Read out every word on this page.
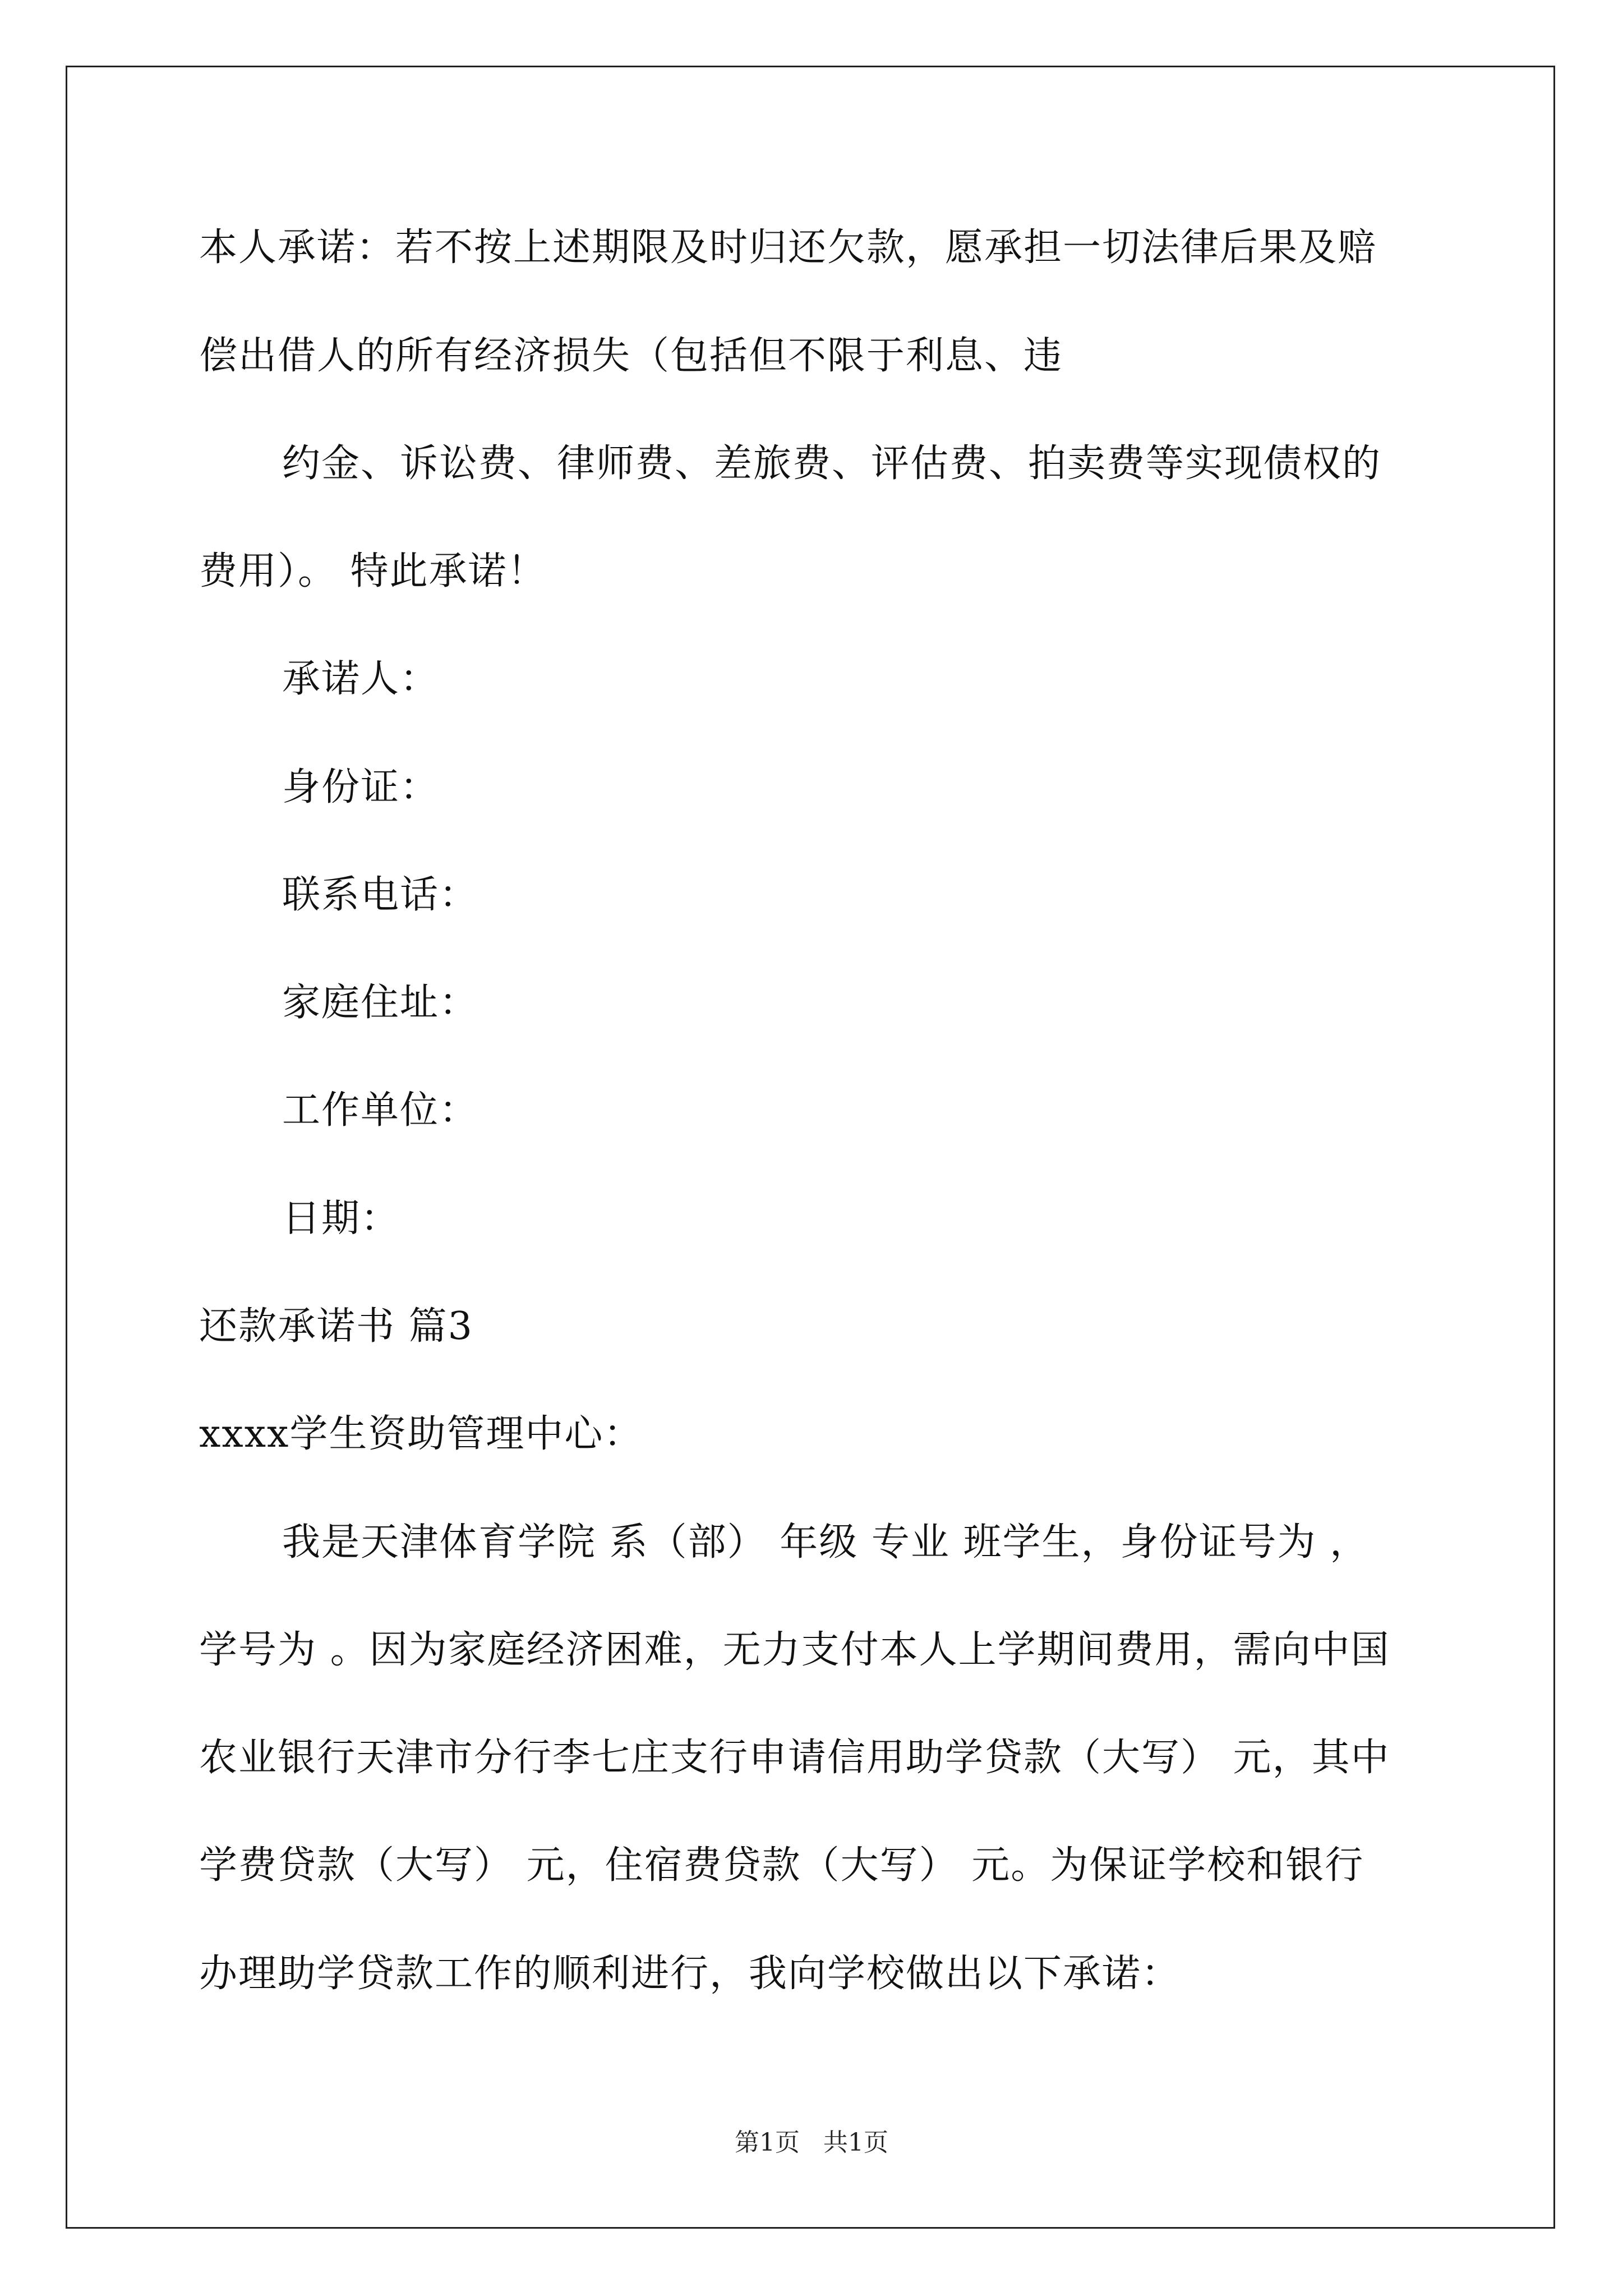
本人承诺：若不按上述期限及时归还欠款，愿承担一切法律后果及赔
偿出借人的所有经济损失（包括但不限于利息、违
约金、诉讼费、律师费、差旅费、评估费、拍卖费等实现债权的
费用）。 特此承诺！
承诺人：
身份证：
联系电话：
家庭住址：
工作单位：
日期：
还款承诺书 篇3
xxxx学生资助管理中心：
我是天津体育学院 系（部） 年级 专业 班学生，身份证号为 ，
学号为 。因为家庭经济困难，无力支付本人上学期间费用，需向中国
农业银行天津市分行李七庄支行申请信用助学贷款（大写） 元，其中
学费贷款（大写） 元，住宿费贷款（大写） 元。为保证学校和银行
办理助学贷款工作的顺利进行，我向学校做出以下承诺：
第1页   共1页
